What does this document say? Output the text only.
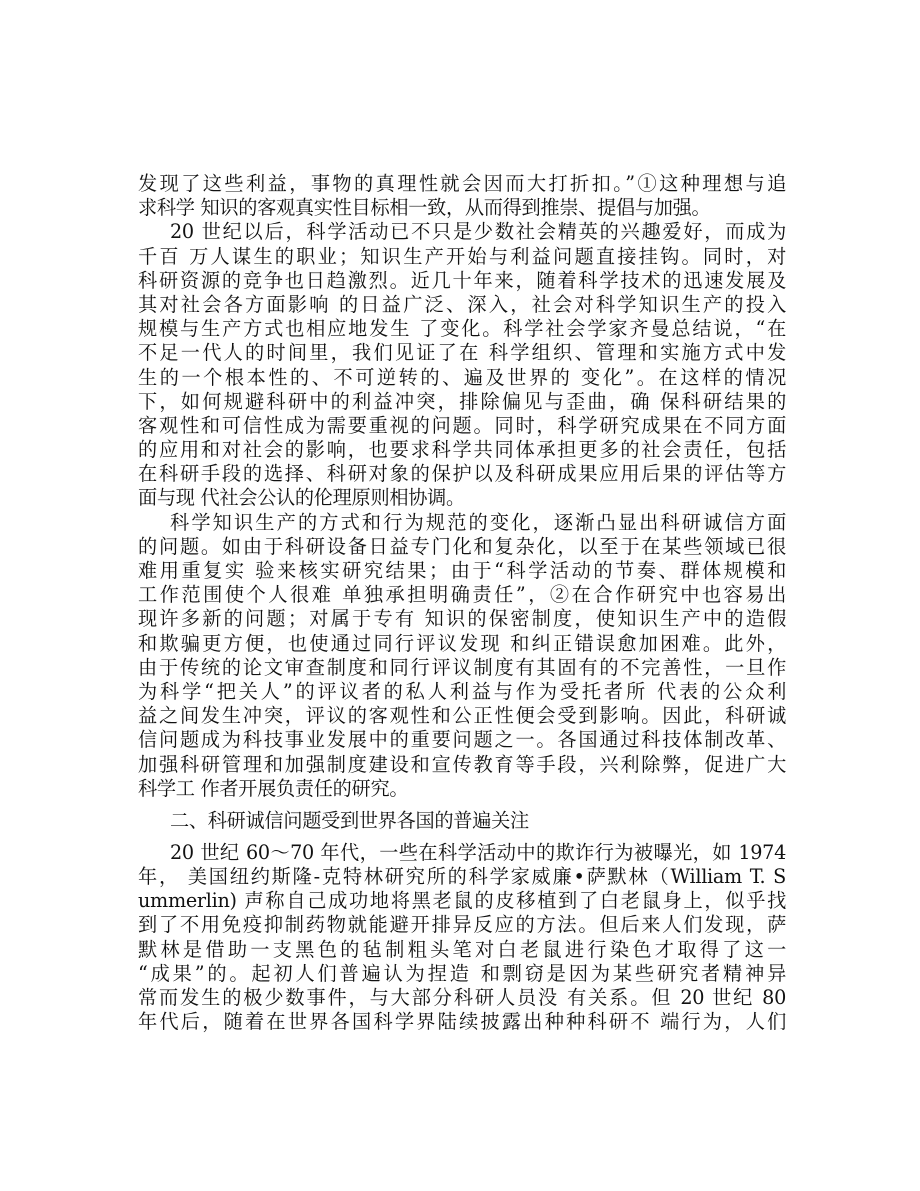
发现了这些利益，事物的真理性就会因而大打折扣。”①这种理想与追
求科学 知识的客观真实性目标相一致，从而得到推崇、提倡与加强。
20 世纪以后，科学活动已不只是少数社会精英的兴趣爱好，而成为
千百 万人谋生的职业；知识生产开始与利益问题直接挂钩。同时，对
科研资源的竞争也日趋激烈。近几十年来，随着科学技术的迅速发展及
其对社会各方面影响 的日益广泛、深入，社会对科学知识生产的投入
规模与生产方式也相应地发生 了变化。科学社会学家齐曼总结说，“在
不足一代人的时间里，我们见证了在 科学组织、管理和实施方式中发
生的一个根本性的、不可逆转的、遍及世界的 变化”。在这样的情况
下，如何规避科研中的利益冲突，排除偏见与歪曲，确 保科研结果的
客观性和可信性成为需要重视的问题。同时，科学研究成果在不同方面
的应用和对社会的影响，也要求科学共同体承担更多的社会责任，包括
在科研手段的选择、科研对象的保护以及科研成果应用后果的评估等方
面与现 代社会公认的伦理原则相协调。
科学知识生产的方式和行为规范的变化，逐渐凸显出科研诚信方面
的问题。如由于科研设备日益专门化和复杂化，以至于在某些领域已很
难用重复实 验来核实研究结果；由于“科学活动的节奏、群体规模和
工作范围使个人很难 单独承担明确责任”，②在合作研究中也容易出
现许多新的问题；对属于专有 知识的保密制度，使知识生产中的造假
和欺骗更方便，也使通过同行评议发现 和纠正错误愈加困难。此外，
由于传统的论文审查制度和同行评议制度有其固有的不完善性，一旦作
为科学“把关人”的评议者的私人利益与作为受托者所 代表的公众利
益之间发生冲突，评议的客观性和公正性便会受到影响。因此，科研诚
信问题成为科技事业发展中的重要问题之一。各国通过科技体制改革、
加强科研管理和加强制度建设和宣传教育等手段，兴利除弊，促进广大
科学工 作者开展负责任的研究。
二、科研诚信问题受到世界各国的普遍关注
20 世纪 60～70 年代，一些在科学活动中的欺诈行为被曝光，如 1974
年， 美国纽约斯隆-克特林研究所的科学家威廉•萨默林（William T. S
ummerlin) 声称自己成功地将黑老鼠的皮移植到了白老鼠身上，似乎找
到了不用免疫抑制药物就能避开排异反应的方法。但后来人们发现，萨
默林是借助一支黑色的毡制粗头笔对白老鼠进行染色才取得了这一
“成果”的。起初人们普遍认为捏造 和剽窃是因为某些研究者精神异
常而发生的极少数事件，与大部分科研人员没 有关系。但 20 世纪 80
年代后，随着在世界各国科学界陆续披露出种种科研不 端行为，人们
